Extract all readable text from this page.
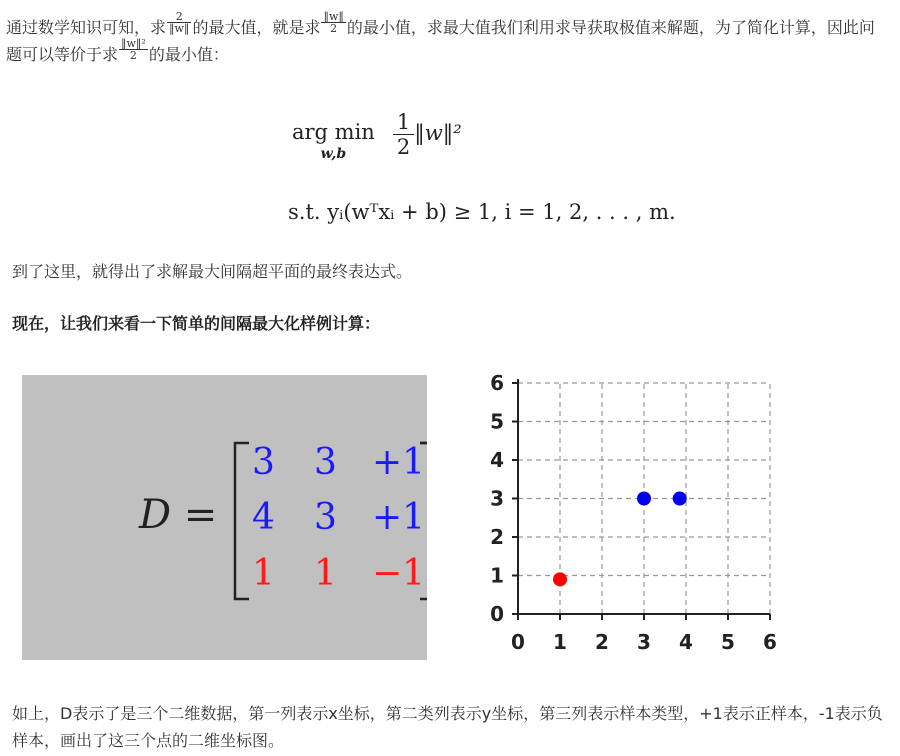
通过数学知识可知，求 $\frac{2}{‖w‖}$ 的最大值，就是求 $\frac{‖w‖}{2}$ 的最小值，求最大值我们利用求导获取极值来解题，为了简化计算，因此问题可以等价于求 $\frac{\text{‖w‖²}}{2}$ 的最小值：
arg min
w,b	$\frac{1}{2}$ ‖w‖²
s.t. yᵢ(wᵀxᵢ + b) ≥ 1, i = 1, 2, . . . , m.
到了这里，就得出了求解最大间隔超平面的最终表达式。
现在，让我们来看一下简单的间隔最大化样例计算：
D =
3 3 +1
4 3 +1
1 1 −1
0 1 2 3 4 5 6
0
1
2
3
4
5
6
如上，D表示了是三个二维数据，第一列表示x坐标，第二类列表示y坐标，第三列表示样本类型，+1表示正样本，-1表示负样本，画出了这三个点的二维坐标图。
